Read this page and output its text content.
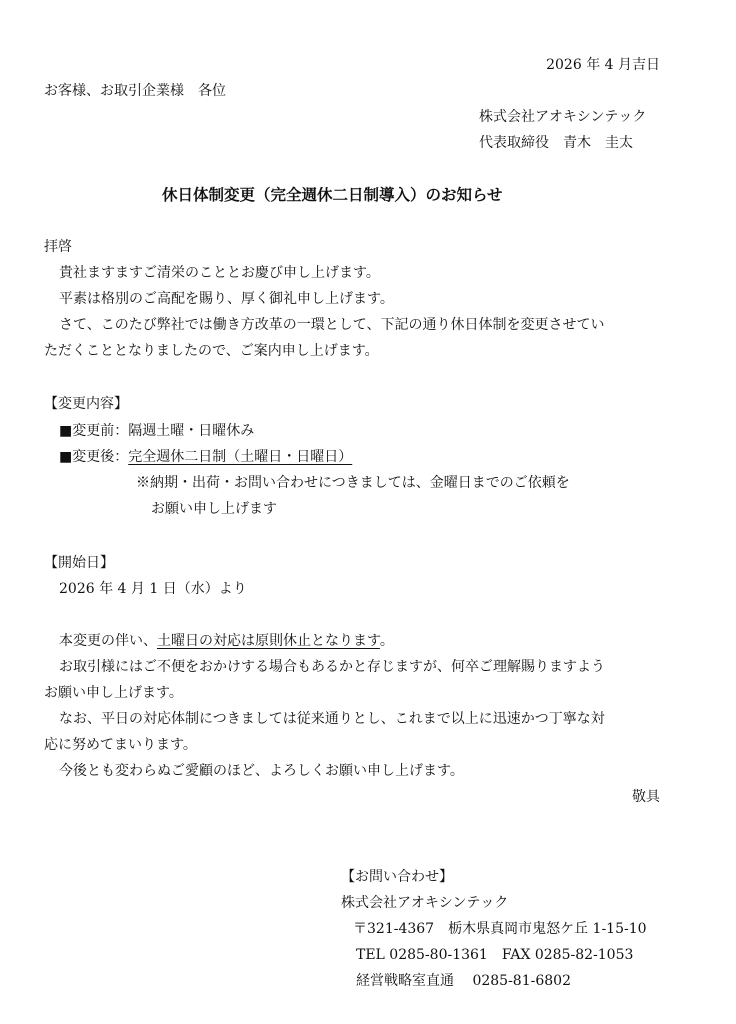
2026 年 4 月吉日
お客様、お取引企業様　各位
株式会社アオキシンテック
代表取締役　青木　圭太
休日体制変更（完全週休二日制導入）のお知らせ
拝啓
貴社ますますご清栄のこととお慶び申し上げます。
平素は格別のご高配を賜り、厚く御礼申し上げます。
さて、このたび弊社では働き方改革の一環として、下記の通り休日体制を変更させてい
ただくこととなりましたので、ご案内申し上げます。
【変更内容】
■変更前：隔週土曜・日曜休み
■変更後：完全週休二日制（土曜日・日曜日）
※納期・出荷・お問い合わせにつきましては、金曜日までのご依頼を
お願い申し上げます
【開始日】
2026 年 4 月 1 日（水）より
本変更の伴い、土曜日の対応は原則休止となります。
お取引様にはご不便をおかけする場合もあるかと存じますが、何卒ご理解賜りますよう
お願い申し上げます。
なお、平日の対応体制につきましては従来通りとし、これまで以上に迅速かつ丁寧な対
応に努めてまいります。
今後とも変わらぬご愛顧のほど、よろしくお願い申し上げます。
敬具
【お問い合わせ】
株式会社アオキシンテック
〒321-4367　栃木県真岡市鬼怒ケ丘 1-15-10
TEL 0285-80-1361　FAX 0285-82-1053
経営戦略室直通　 0285-81-6802
